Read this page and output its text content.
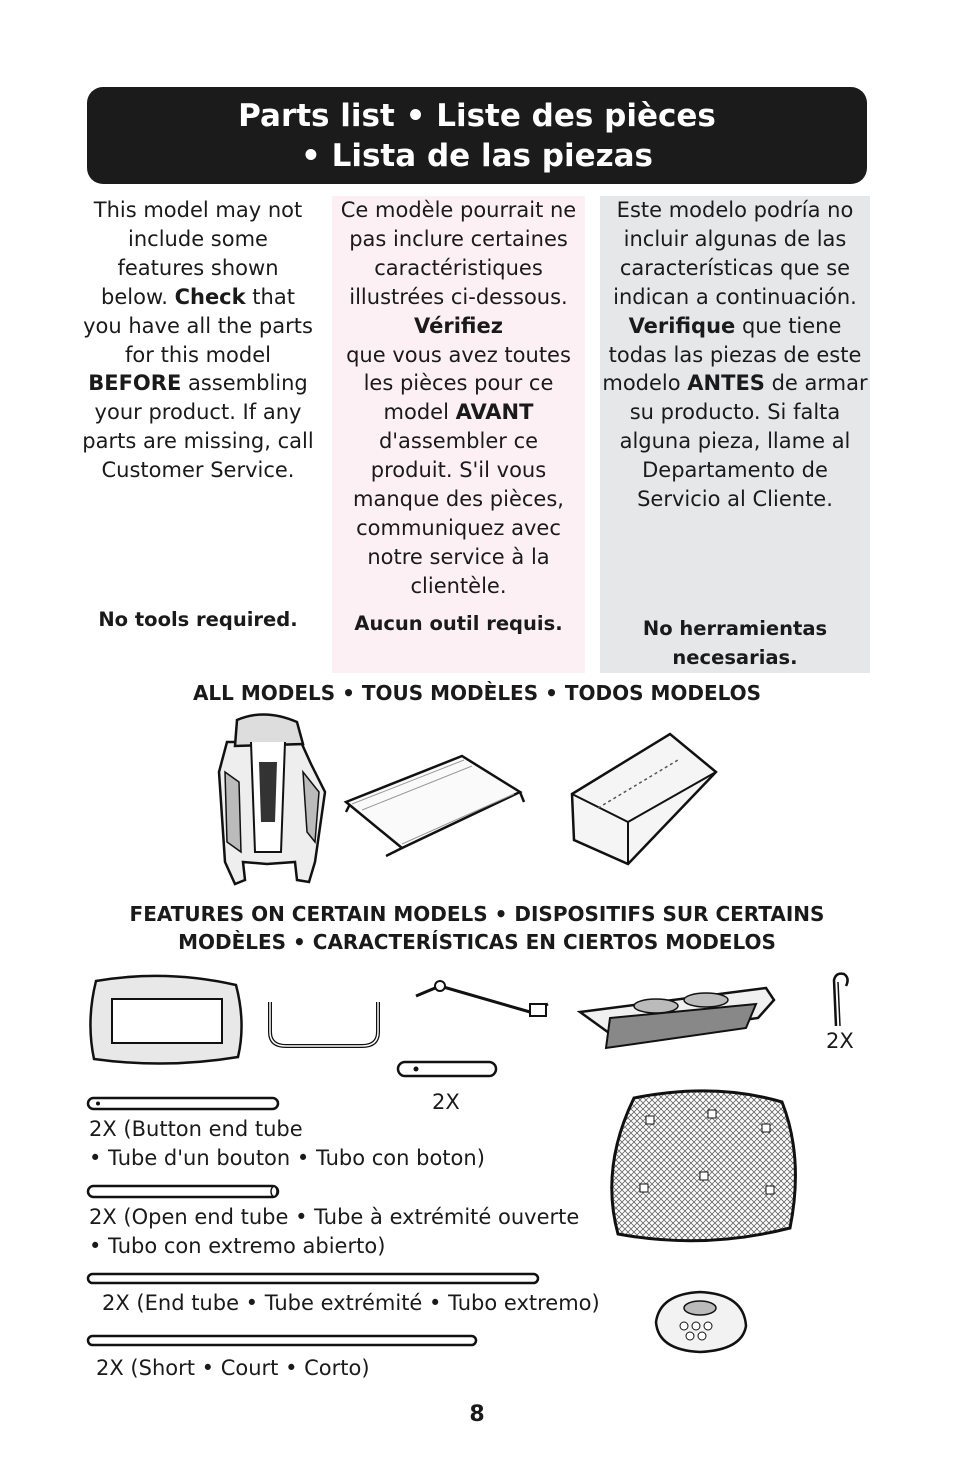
Parts list • Liste des pièces
• Lista de las piezas

This model may not include some features shown below. Check that you have all the parts for this model BEFORE assembling your product. If any parts are missing, call Customer Service.

No tools required.

Ce modèle pourrait ne pas inclure certaines caractéristiques illustrées ci-dessous.
Vérifiez
que vous avez toutes les pièces pour ce model AVANT d'assembler ce produit. S'il vous manque des pièces, communiquez avec notre service à la clientèle.

Aucun outil requis.

Este modelo podría no incluir algunas de las características que se indican a continuación. Verifique que tiene todas las piezas de este modelo ANTES de armar su producto. Si falta alguna pieza, llame al Departamento de Servicio al Cliente.

No herramientas necesarias.
ALL MODELS • TOUS MODÈLES • TODOS MODELOS
FEATURES ON CERTAIN MODELS • DISPOSITIFS SUR CERTAINS
MODÈLES • CARACTERÍSTICAS EN CIERTOS MODELOS
2X
2X
2X (Button end tube
• Tube d'un bouton • Tubo con boton)
2X (Open end tube • Tube à extrémité ouverte
• Tubo con extremo abierto)
2X (End tube • Tube extrémité • Tubo extremo)
2X (Short • Court • Corto)
8
